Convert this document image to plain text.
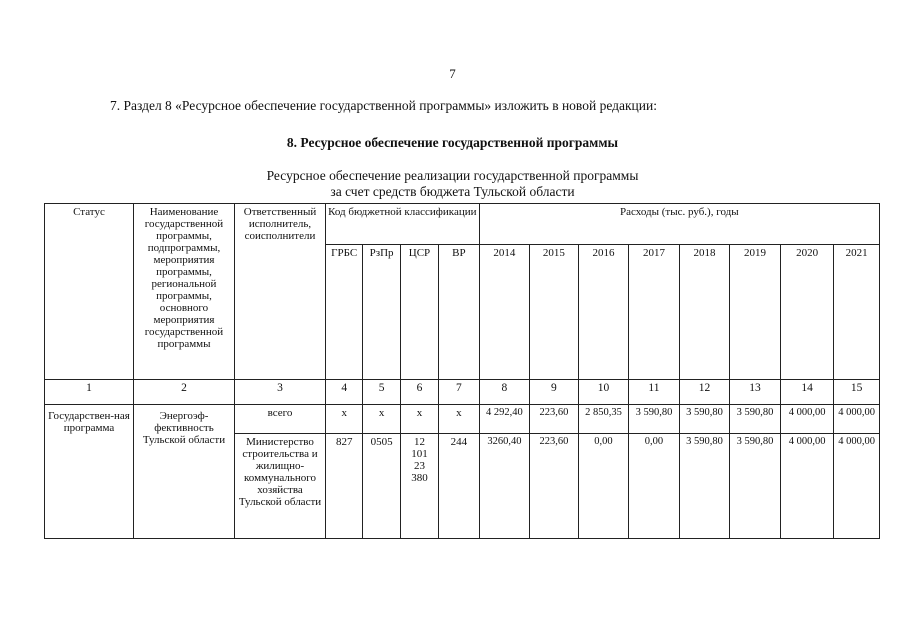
7
7. Раздел 8 «Ресурсное обеспечение государственной программы» изложить в новой редакции:
8. Ресурсное обеспечение государственной программы
Ресурсное обеспечение реализации государственной программы
за счет средств бюджета Тульской области
Статус	Наименование государственной программы, подпрограммы, мероприятия программы, региональной программы, основного мероприятия государственной программы	Ответственный исполнитель, соисполнители	Код бюджетной классификации				Расходы (тыс. руб.), годы							
			ГРБС	РзПр	ЦСР	ВР	2014	2015	2016	2017	2018	2019	2020	2021
1	2	3	4	5	6	7	8	9	10	11	12	13	14	15
Государствен-ная программа	Энергоэф-фективность Тульской области	всего	х	х	х	х	4 292,40	223,60	2 850,35	3 590,80	3 590,80	3 590,80	4 000,00	4 000,00
		Министерство строительства и жилищно-коммунального хозяйства Тульской области	827	0505	12 101 23 380	244	3260,40	223,60	0,00	0,00	3 590,80	3 590,80	4 000,00	4 000,00
